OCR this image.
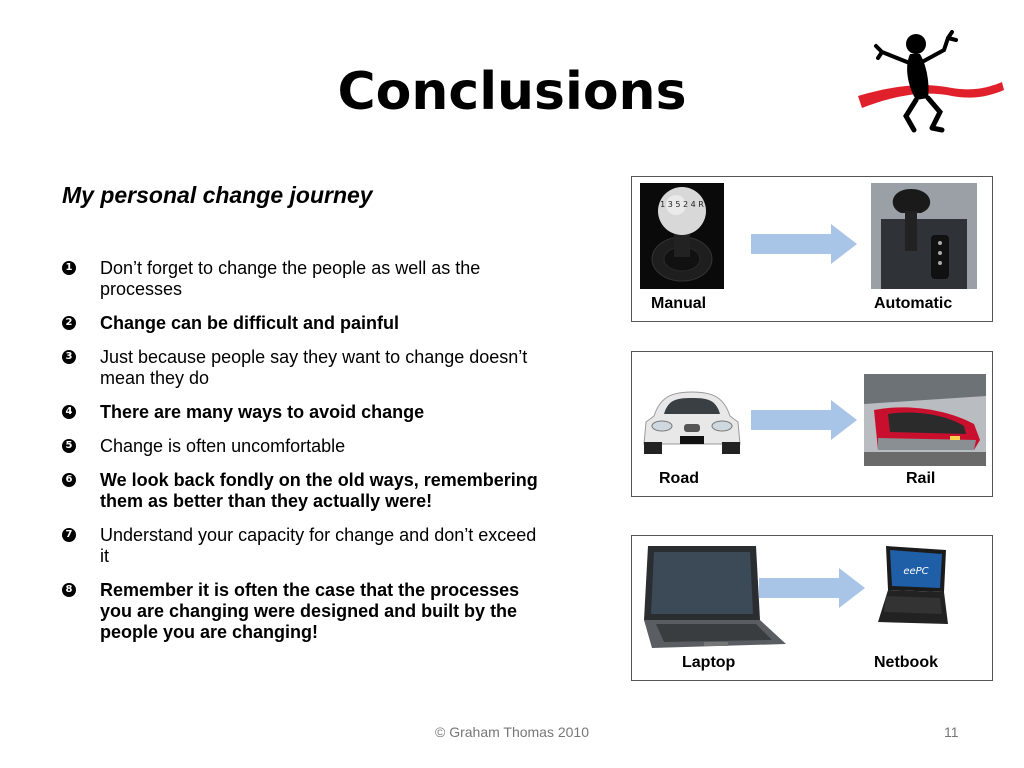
Conclusions
My personal change journey
1 Don’t forget to change the people as well as the processes
2 Change can be difficult and painful
3 Just because people say they want to change doesn’t mean they do
4 There are many ways to avoid change
5 Change is often uncomfortable
6 We look back fondly on the old ways, remembering them as better than they actually were!
7 Understand your capacity for change and don’t exceed it
8 Remember it is often the case that the processes you are changing were designed and built by the people you are changing!
1 3 5 2 4 R
Manual	Automatic
Road	Rail
eePC
Laptop	Netbook
© Graham Thomas 2010	11
